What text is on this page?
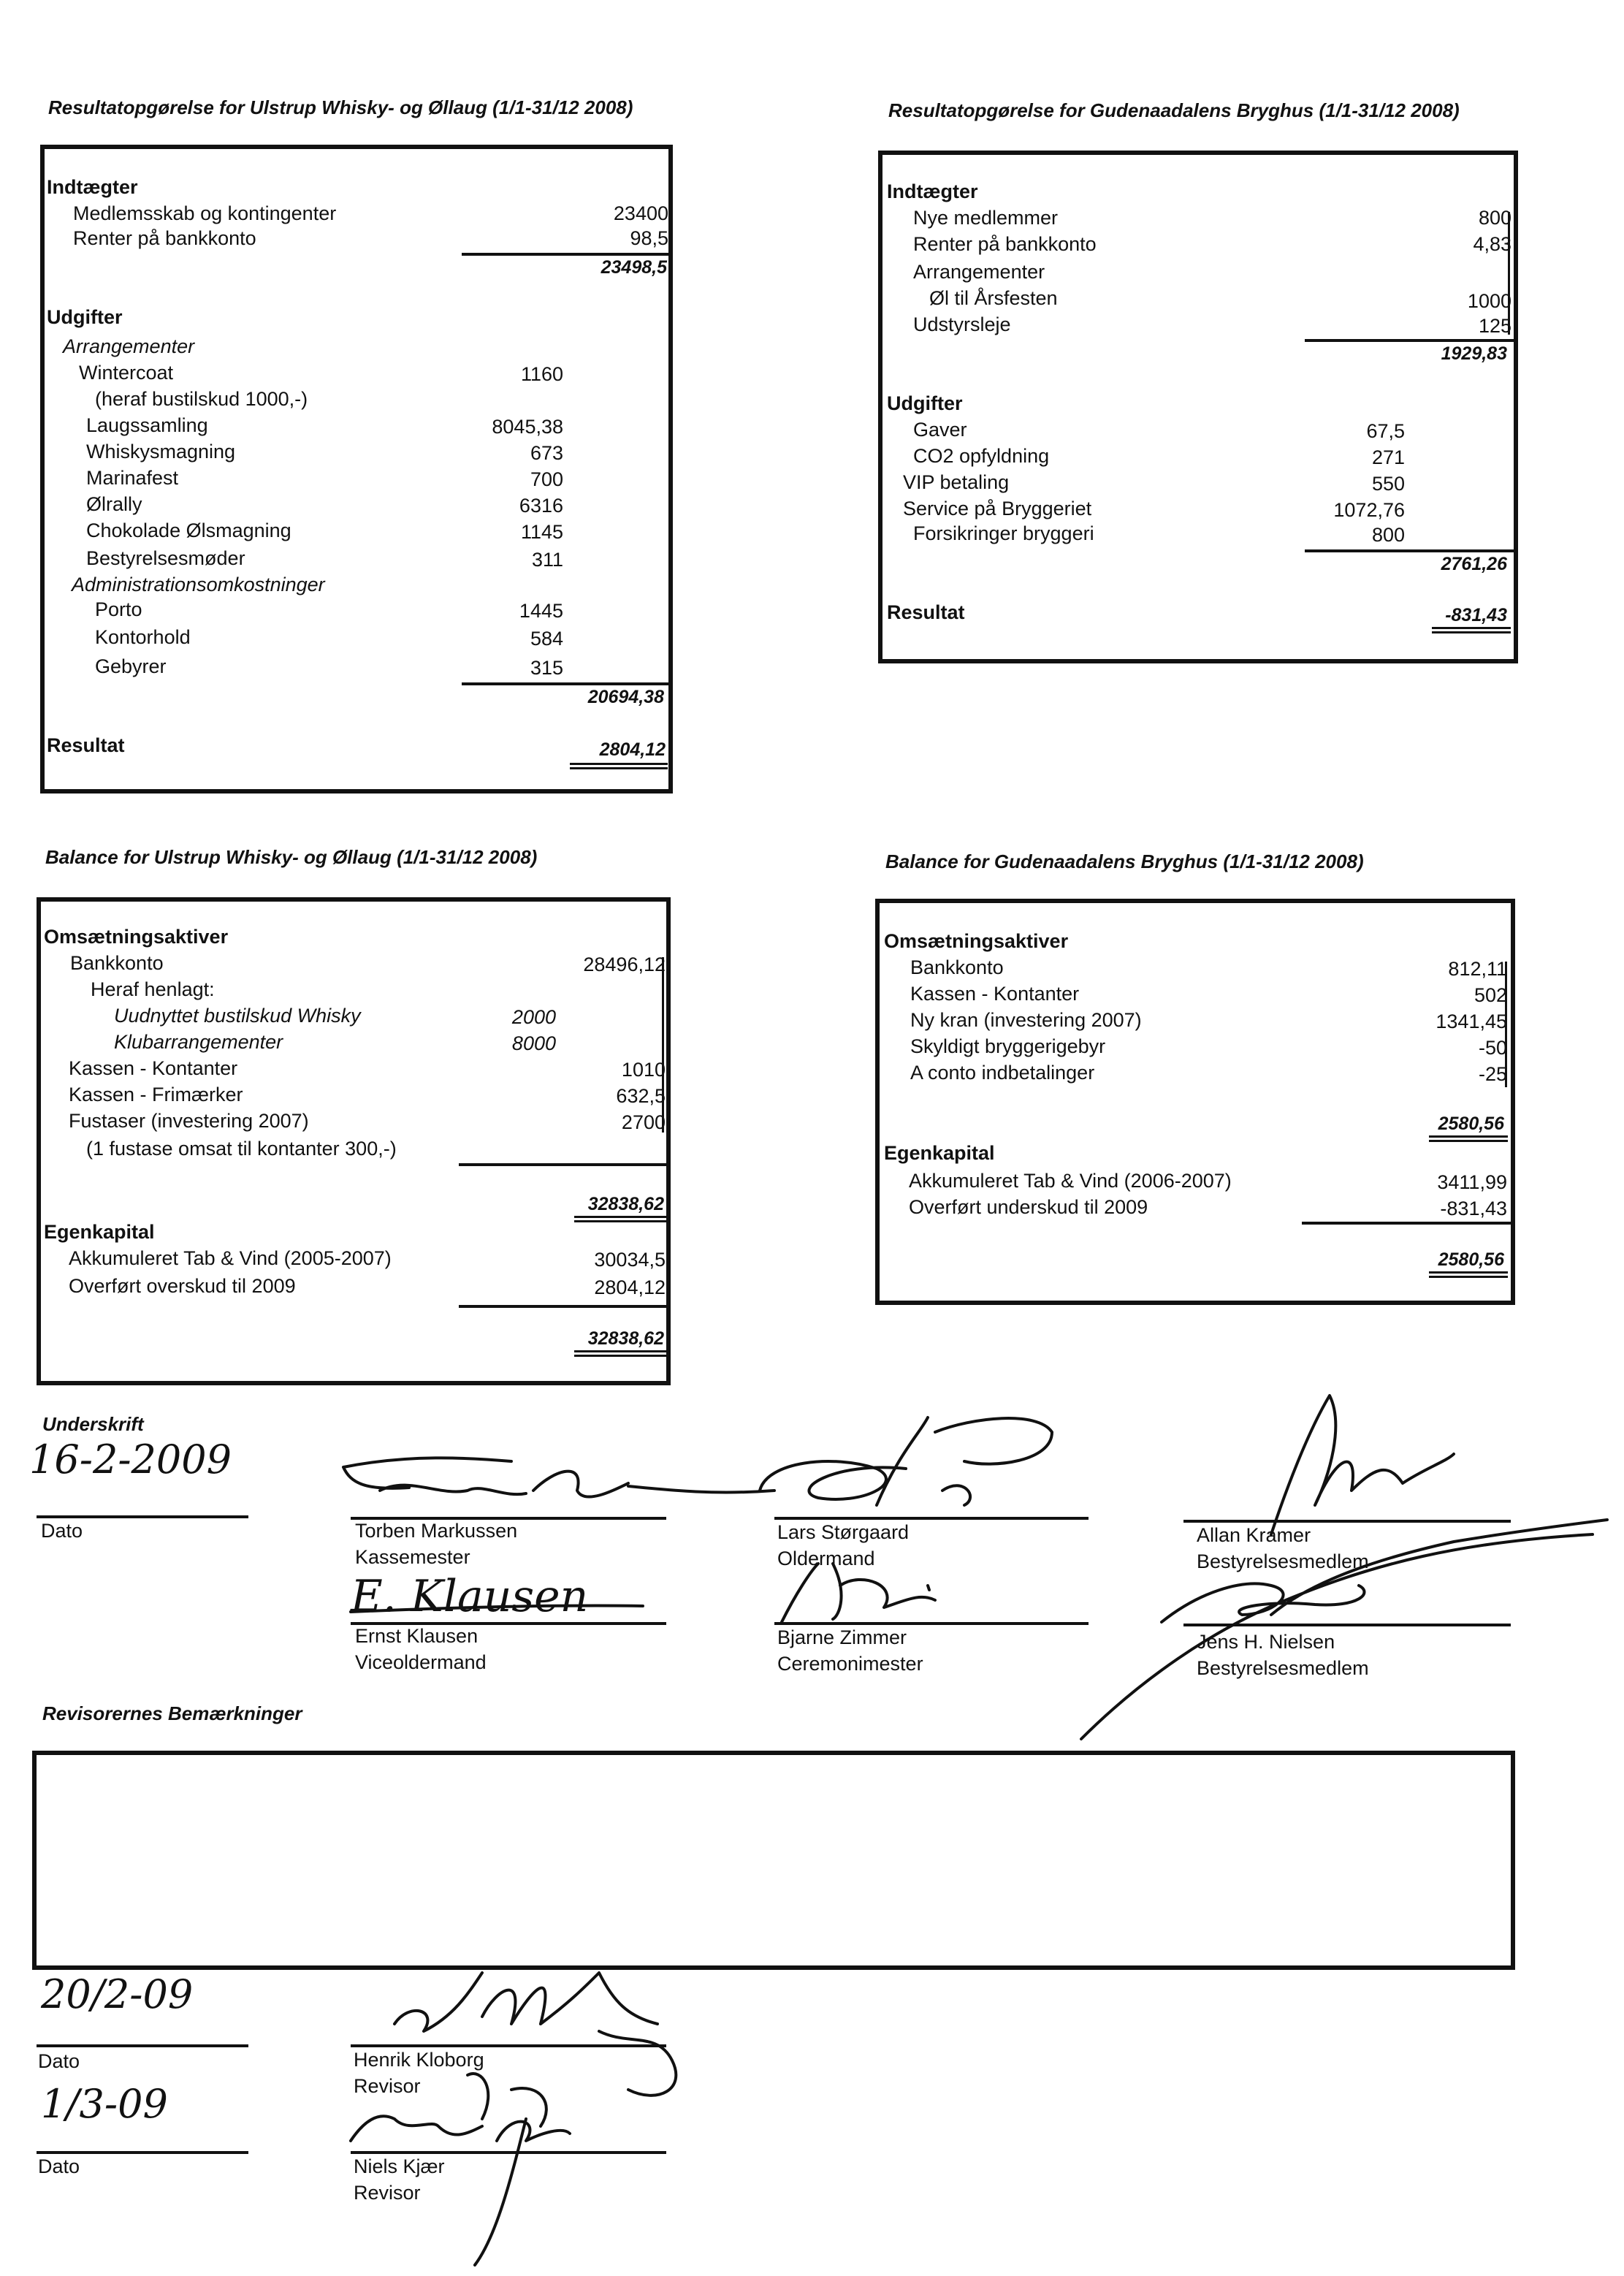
Resultatopgørelse for Ulstrup Whisky- og Øllaug (1/1-31/12 2008)
Indtægter
Medlemsskab og kontingenter	23400
Renter på bankkonto	98,5
23498,5
Udgifter
Arrangementer
Wintercoat	1160
(heraf bustilskud 1000,-)
Laugssamling	8045,38
Whiskysmagning	673
Marinafest	700
Ølrally	6316
Chokolade Ølsmagning	1145
Bestyrelsesmøder	311
Administrationsomkostninger
Porto	1445
Kontorhold	584
Gebyrer	315
20694,38
Resultat	2804,12
Resultatopgørelse for Gudenaadalens Bryghus (1/1-31/12 2008)
Indtægter
Nye medlemmer	800
Renter på bankkonto	4,83
Arrangementer
Øl til Årsfesten	1000
Udstyrsleje	125
1929,83
Udgifter
Gaver	67,5
CO2 opfyldning	271
VIP betaling	550
Service på Bryggeriet	1072,76
Forsikringer bryggeri	800
2761,26
Resultat	-831,43
Balance for Ulstrup Whisky- og Øllaug (1/1-31/12 2008)
Omsætningsaktiver
Bankkonto	28496,12
Heraf henlagt:
Uudnyttet bustilskud Whisky	2000
Klubarrangementer	8000
Kassen - Kontanter	1010
Kassen - Frimærker	632,5
Fustaser (investering 2007)	2700
(1 fustase omsat til kontanter 300,-)
32838,62
Egenkapital
Akkumuleret Tab & Vind (2005-2007)	30034,5
Overført overskud til 2009	2804,12
32838,62
Balance for Gudenaadalens Bryghus (1/1-31/12 2008)
Omsætningsaktiver
Bankkonto	812,11
Kassen - Kontanter	502
Ny kran (investering 2007)	1341,45
Skyldigt bryggerigebyr	-50
A conto indbetalinger	-25
2580,56
Egenkapital
Akkumuleret Tab & Vind (2006-2007)	3411,99
Overført underskud til 2009	-831,43
2580,56
Underskrift
16-2-2009
Dato	Torben Markussen
Kassemester
Lars Størgaard
Oldermand
Allan Kramer
Bestyrelsesmedlem
E. Klausen
Ernst Klausen
Viceoldermand
Bjarne Zimmer
Ceremonimester
Jens H. Nielsen
Bestyrelsesmedlem
Revisorernes Bemærkninger
20/2-09
Dato	Henrik Kloborg
Revisor
1/3-09
Dato	Niels Kjær
Revisor
